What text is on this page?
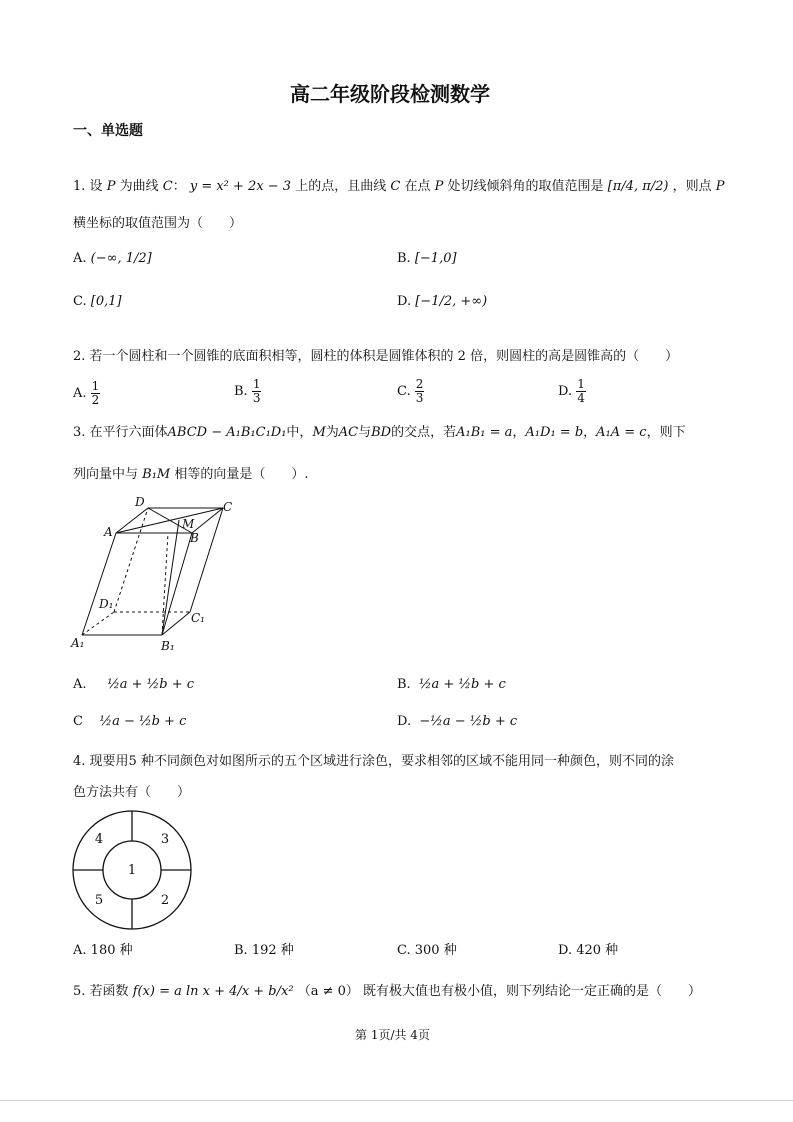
高二年级阶段检测数学
一、单选题
1. 设 P 为曲线 C： y = x² + 2x − 3 上的点，且曲线 C 在点 P 处切线倾斜角的取值范围是 [π/4, π/2) ，则点 P
横坐标的取值范围为（　　）
A. (−∞, 1/2]	B. [−1,0]
C. [0,1]	D. [−1/2, +∞)
2. 若一个圆柱和一个圆锥的底面积相等，圆柱的体积是圆锥体积的 2 倍，则圆柱的高是圆锥高的（　　）
A. $\frac{1}{2}$	B. $\frac{1}{3}$	C. $\frac{2}{3}$	D. $\frac{1}{4}$
3. 在平行六面体ABCD − A₁B₁C₁D₁中，M为AC与BD的交点，若A₁B₁ = a，A₁D₁ = b，A₁A = c，则下
列向量中与 B₁M 相等的向量是（　　）.
D	C
A	B
M
D₁
C₁
A₁	B₁
A. ½a + ½b + c	B. ½a + ½b + c
C ½a − ½b + c	D. −½a − ½b + c
4. 现要用5 种不同颜色对如图所示的五个区域进行涂色，要求相邻的区域不能用同一种颜色，则不同的涂
色方法共有（　　）
1
2
3
4
5
A. 180 种	B. 192 种	C. 300 种	D. 420 种
5. 若函数 f(x) = a ln x + 4/x + b/x² （a ≠ 0） 既有极大值也有极小值，则下列结论一定正确的是（　　）
第 1页/共 4页
